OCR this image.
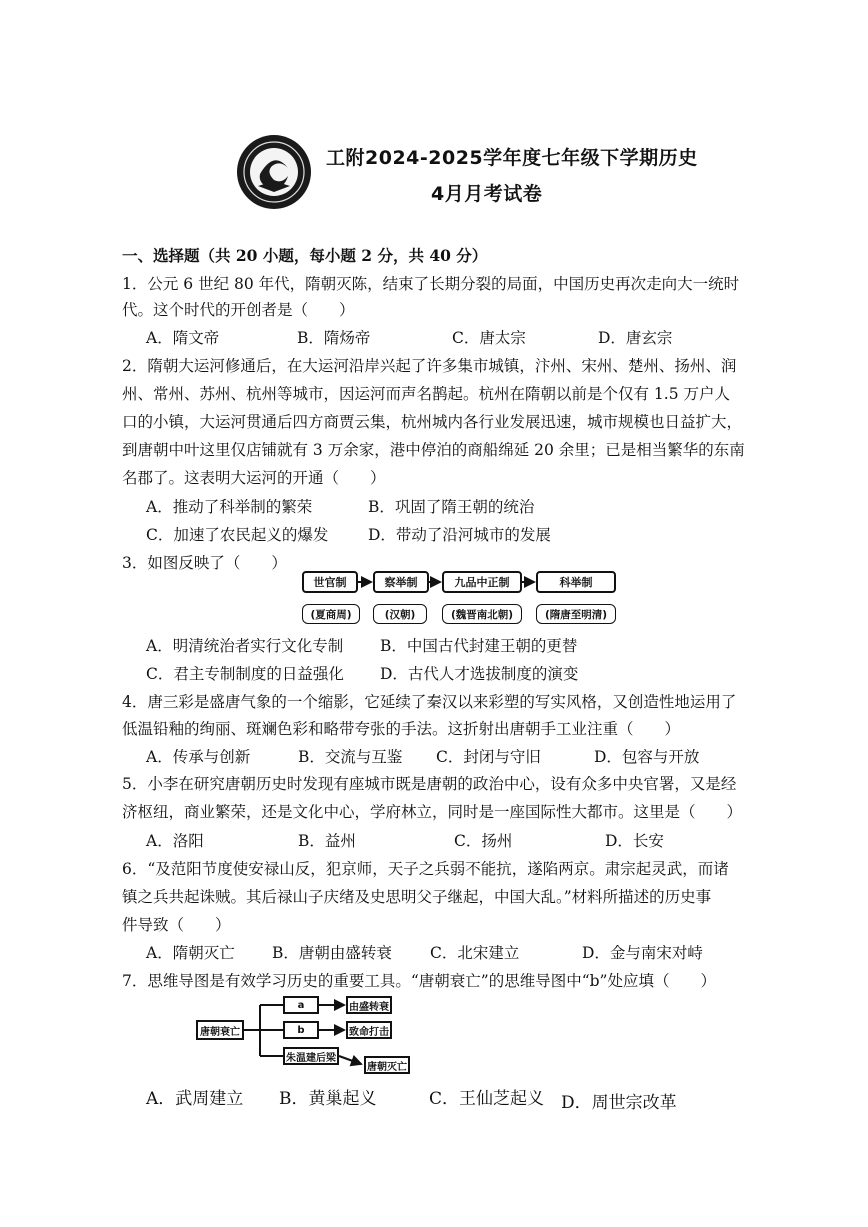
工附2024-2025学年度七年级下学期历史
4月月考试卷
一、选择题（共 20 小题，每小题 2 分，共 40 分）
1．公元 6 世纪 80 年代，隋朝灭陈，结束了长期分裂的局面，中国历史再次走向大一统时
代。这个时代的开创者是（　　）
A．隋文帝	B．隋炀帝	C．唐太宗	D．唐玄宗
2．隋朝大运河修通后，在大运河沿岸兴起了许多集市城镇，汴州、宋州、楚州、扬州、润
州、常州、苏州、杭州等城市，因运河而声名鹊起。杭州在隋朝以前是个仅有 1.5 万户人
口的小镇，大运河贯通后四方商贾云集，杭州城内各行业发展迅速，城市规模也日益扩大，
到唐朝中叶这里仅店铺就有 3 万余家，港中停泊的商船绵延 20 余里；已是相当繁华的东南
名郡了。这表明大运河的开通（　　）
A．推动了科举制的繁荣	B．巩固了隋王朝的统治
C．加速了农民起义的爆发	D．带动了沿河城市的发展
3．如图反映了（　　）
世官制	察举制	九品中正制	科举制
(夏商周)	(汉朝)	(魏晋南北朝)	(隋唐至明清)
A．明清统治者实行文化专制 B．中国古代封建王朝的更替
C．君主专制制度的日益强化 D．古代人才选拔制度的演变
4．唐三彩是盛唐气象的一个缩影，它延续了秦汉以来彩塑的写实风格，又创造性地运用了
低温铅釉的绚丽、斑斓色彩和略带夸张的手法。这折射出唐朝手工业注重（　　）
A．传承与创新	B．交流与互鉴 C．封闭与守旧	D．包容与开放
5．小李在研究唐朝历史时发现有座城市既是唐朝的政治中心，设有众多中央官署，又是经
济枢纽，商业繁荣，还是文化中心，学府林立，同时是一座国际性大都市。这里是（　　）
A．洛阳	B．益州	C．扬州	D．长安
6．“及范阳节度使安禄山反，犯京师，天子之兵弱不能抗，遂陷两京。肃宗起灵武，而诸
镇之兵共起诛贼。其后禄山子庆绪及史思明父子继起，中国大乱。”材料所描述的历史事
件导致（　　）
A．隋朝灭亡 B．唐朝由盛转衰 C．北宋建立	D．金与南宋对峙
7．思维导图是有效学习历史的重要工具。“唐朝衰亡”的思维导图中“b”处应填（　　）
唐朝衰亡
a
b
朱温建后梁
由盛转衰
致命打击
唐朝灭亡
A．武周建立 B．黄巢起义	C．王仙芝起义 D．周世宗改革
